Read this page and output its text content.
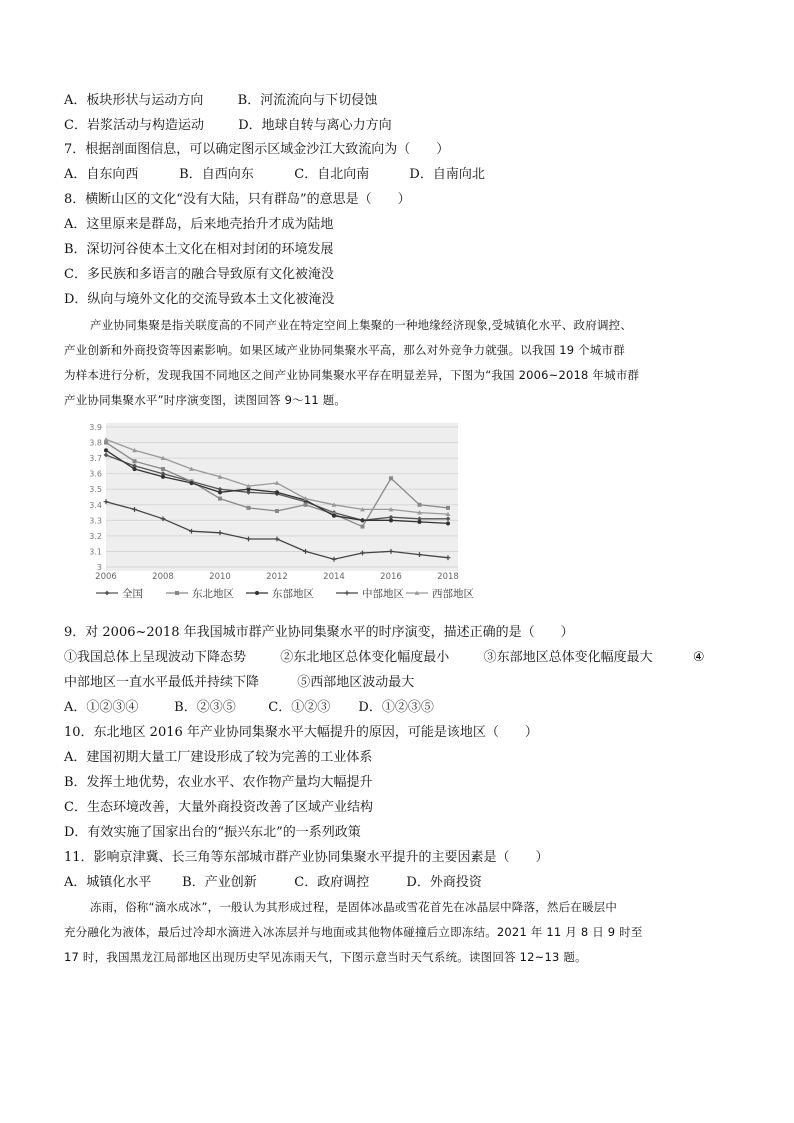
A．板块形状与运动方向	B．河流流向与下切侵蚀
C．岩浆活动与构造运动	D．地球自转与离心力方向
7．根据剖面图信息，可以确定图示区域金沙江大致流向为（　　）
A．自东向西	B．自西向东	C．自北向南	D．自南向北
8．横断山区的文化“没有大陆，只有群岛”的意思是（　　）
A．这里原来是群岛，后来地壳抬升才成为陆地
B．深切河谷使本土文化在相对封闭的环境发展
C．多民族和多语言的融合导致原有文化被淹没
D．纵向与境外文化的交流导致本土文化被淹没
产业协同集聚是指关联度高的不同产业在特定空间上集聚的一种地缘经济现象,受城镇化水平、政府调控、
产业创新和外商投资等因素影响。如果区域产业协同集聚水平高，那么对外竞争力就强。以我国 19 个城市群
为样本进行分析，发现我国不同地区之间产业协同集聚水平存在明显差异，下图为“我国 2006~2018 年城市群
产业协同集聚水平”时序演变图，读图回答 9～11 题。
3
3.1
3.2
3.3
3.4
3.5
3.6
3.7
3.8
3.9
2006	2008	2010	2012	2014	2016	2018
全国	东北地区	东部地区	中部地区	西部地区
9．对 2006~2018 年我国城市群产业协同集聚水平的时序演变，描述正确的是（　　）
①我国总体上呈现波动下降态势	②东北地区总体变化幅度最小	③东部地区总体变化幅度最大	④
中部地区一直水平最低并持续下降	⑤西部地区波动最大
A．①②③④	B．②③⑤	C．①②③ D．①②③⑤
10．东北地区 2016 年产业协同集聚水平大幅提升的原因，可能是该地区（　　）
A．建国初期大量工厂建设形成了较为完善的工业体系
B．发挥土地优势，农业水平、农作物产量均大幅提升
C．生态环境改善，大量外商投资改善了区域产业结构
D．有效实施了国家出台的“振兴东北”的一系列政策
11．影响京津冀、长三角等东部城市群产业协同集聚水平提升的主要因素是（　　）
A．城镇化水平 B．产业创新	C．政府调控	D．外商投资
冻雨，俗称“滴水成冰”，一般认为其形成过程，是固体冰晶或雪花首先在冰晶层中降落，然后在暖层中
充分融化为液体，最后过冷却水滴进入冰冻层并与地面或其他物体碰撞后立即冻结。2021 年 11 月 8 日 9 时至
17 时，我国黑龙江局部地区出现历史罕见冻雨天气，下图示意当时天气系统。读图回答 12~13 题。
